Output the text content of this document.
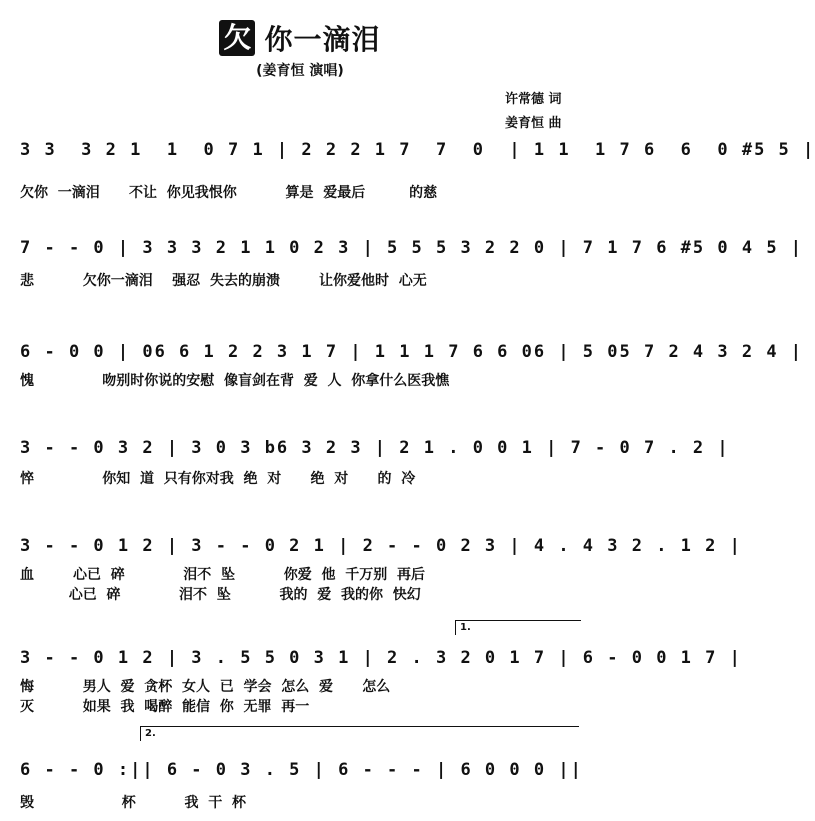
欠 你一滴泪
(姜育恒 演唱)
许常德 词
姜育恒 曲
3 3  3 2 1  1  0 7 1 | 2 2 2 1 7  7  0  | 1 1  1 7 6  6  0 #5 5 |
欠你  一滴泪      不让  你见我恨你          算是  爱最后         的慈
7 - - 0 | 3 3 3 2 1 1 0 2 3 | 5 5 5 3 2 2 0 | 7 1 7 6 #5 0 4 5 |
悲          欠你一滴泪    强忍  失去的崩溃        让你爱他时  心无
6 - 0 0 | 06 6 1 2 2 3 1 7 | 1 1 1 7 6 6 06 | 5 05 7 2 4 3 2 4 |
愧              吻别时你说的安慰  像盲剑在背  爱  人  你拿什么医我憔
3 - - 0 3 2 | 3 0 3 b6 3 2 3 | 2 1 . 0 0 1 | 7 - 0 7 . 2 |
悴              你知  道  只有你对我  绝  对      绝  对      的  冷
3 - - 0 1 2 | 3 - - 0 2 1 | 2 - - 0 2 3 | 4 . 4 3 2 . 1 2 |
血        心已  碎            泪不  坠          你爱  他  千万别  再后
心已  碎            泪不  坠          我的  爱  我的你  快幻
1.
3 - - 0 1 2 | 3 . 5 5 0 3 1 | 2 . 3 2 0 1 7 | 6 - 0 0 1 7 |
悔          男人  爱  贪杯  女人  已  学会  怎么  爱      怎么
灭          如果  我  喝醉  能信  你  无罪  再一
2.
6 - - 0 :|| 6 - 0 3 . 5 | 6 - - - | 6 0 0 0 ||
毁                  杯          我  干  杯
